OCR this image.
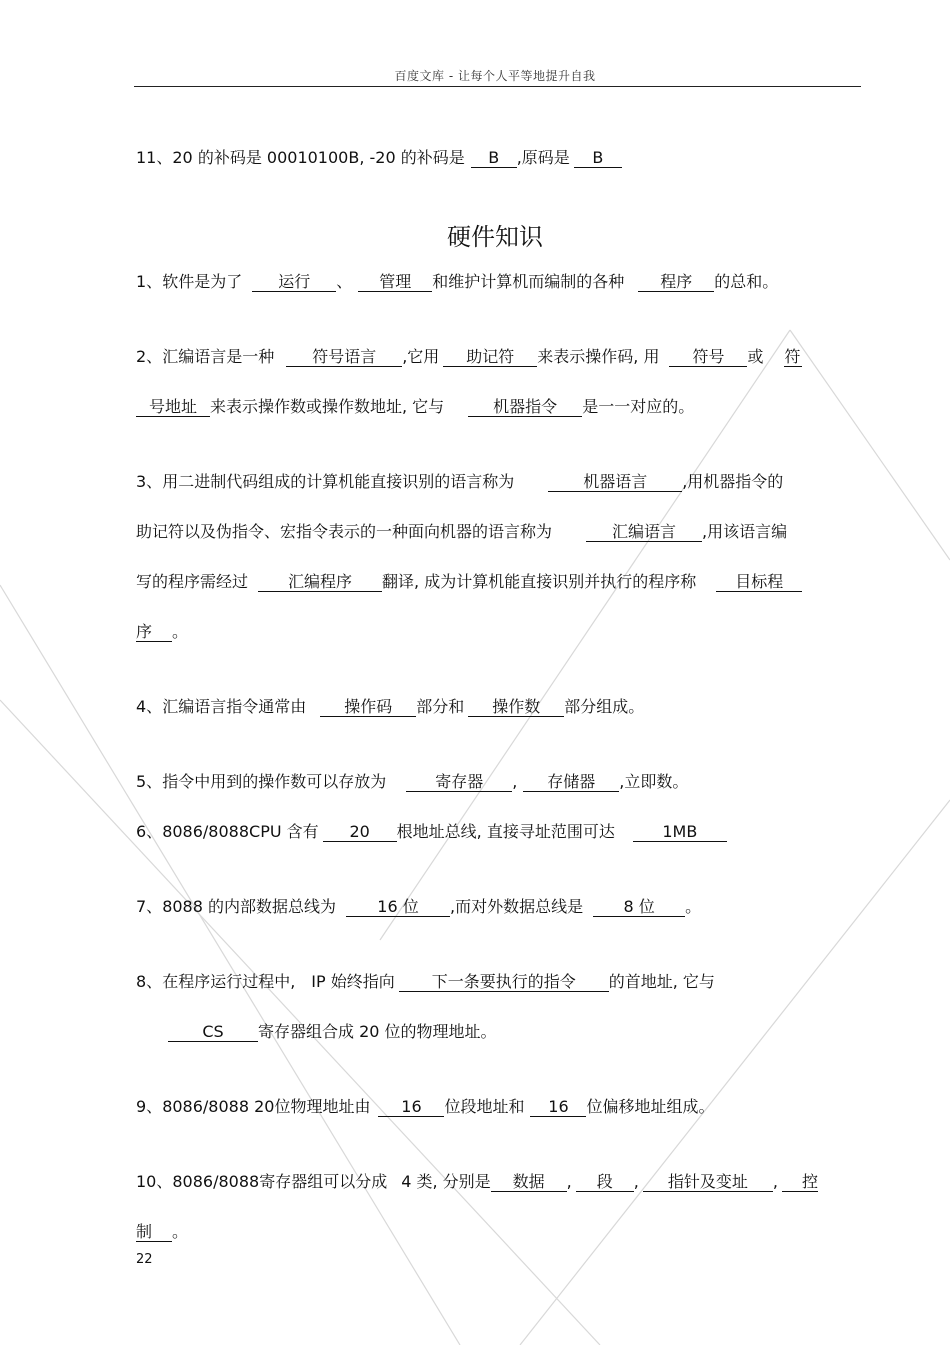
百度文库 - 让每个人平等地提升自我
11、20 的补码是 00010100B, -20 的补码是 B ,原码是 B
硬件知识
1、软件是为了 运行 、 管理 和维护计算机而编制的各种 程序 的总和。
2、汇编语言是一种 符号语言 ,它用 助记符 来表示操作码, 用 符号 或 符
号地址 来表示操作数或操作数地址, 它与	机器指令 是一一对应的。
3、用二进制代码组成的计算机能直接识别的语言称为	机器语言 ,用机器指令的
助记符以及伪指令、宏指令表示的一种面向机器的语言称为	汇编语言 ,用该语言编
写的程序需经过 汇编程序 翻译, 成为计算机能直接识别并执行的程序称 目标程
序 。
4、汇编语言指令通常由 操作码 部分和 操作数 部分组成。
5、指令中用到的操作数可以存放为	寄存器 , 存储器 ,立即数。
6、8086/8088CPU 含有 20 根地址总线, 直接寻址范围可达	1MB
7、8088 的内部数据总线为	16 位 ,而对外数据总线是	8 位 。
8、在程序运行过程中, IP 始终指向 下一条要执行的指令 的首地址, 它与
CS 寄存器组合成 20 位的物理地址。
9、8086/8088 20位物理地址由 16 位段地址和 16 位偏移地址组成。
10、8086/8088寄存器组可以分成 4 类, 分别是 数据 , 段 , 指针及变址 , 控
制 。
22
